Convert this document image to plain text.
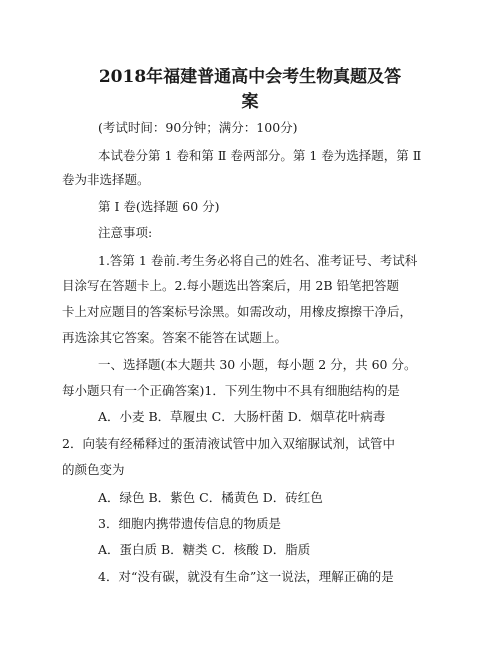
2018年福建普通高中会考生物真题及答
案
(考试时间：90分钟；满分：100分)
本试卷分第 1 卷和第 Ⅱ 卷两部分。第 1 卷为选择题，第 Ⅱ
卷为非选择题。
第 I 卷(选择题 60 分)
注意事项:
1.答第 1 卷前.考生务必将自己的姓名、准考证号、考试科
目涂写在答题卡上。2.每小题选出答案后，用 2B 铅笔把答题
卡上对应题目的答案标号涂黑。如需改动，用橡皮擦擦干净后，
再选涂其它答案。答案不能答在试题上。
一、选择题(本大题共 30 小题，每小题 2 分，共 60 分。
每小题只有一个正确答案)1．下列生物中不具有细胞结构的是
A．小麦 B．草履虫 C．大肠杆菌 D．烟草花叶病毒
2．向装有经稀释过的蛋清液试管中加入双缩脲试剂，试管中
的颜色变为
A．绿色 B．紫色 C．橘黄色 D．砖红色
3．细胞内携带遗传信息的物质是
A．蛋白质 B．糖类 C．核酸 D．脂质
4．对“没有碳，就没有生命”这一说法，理解正确的是
